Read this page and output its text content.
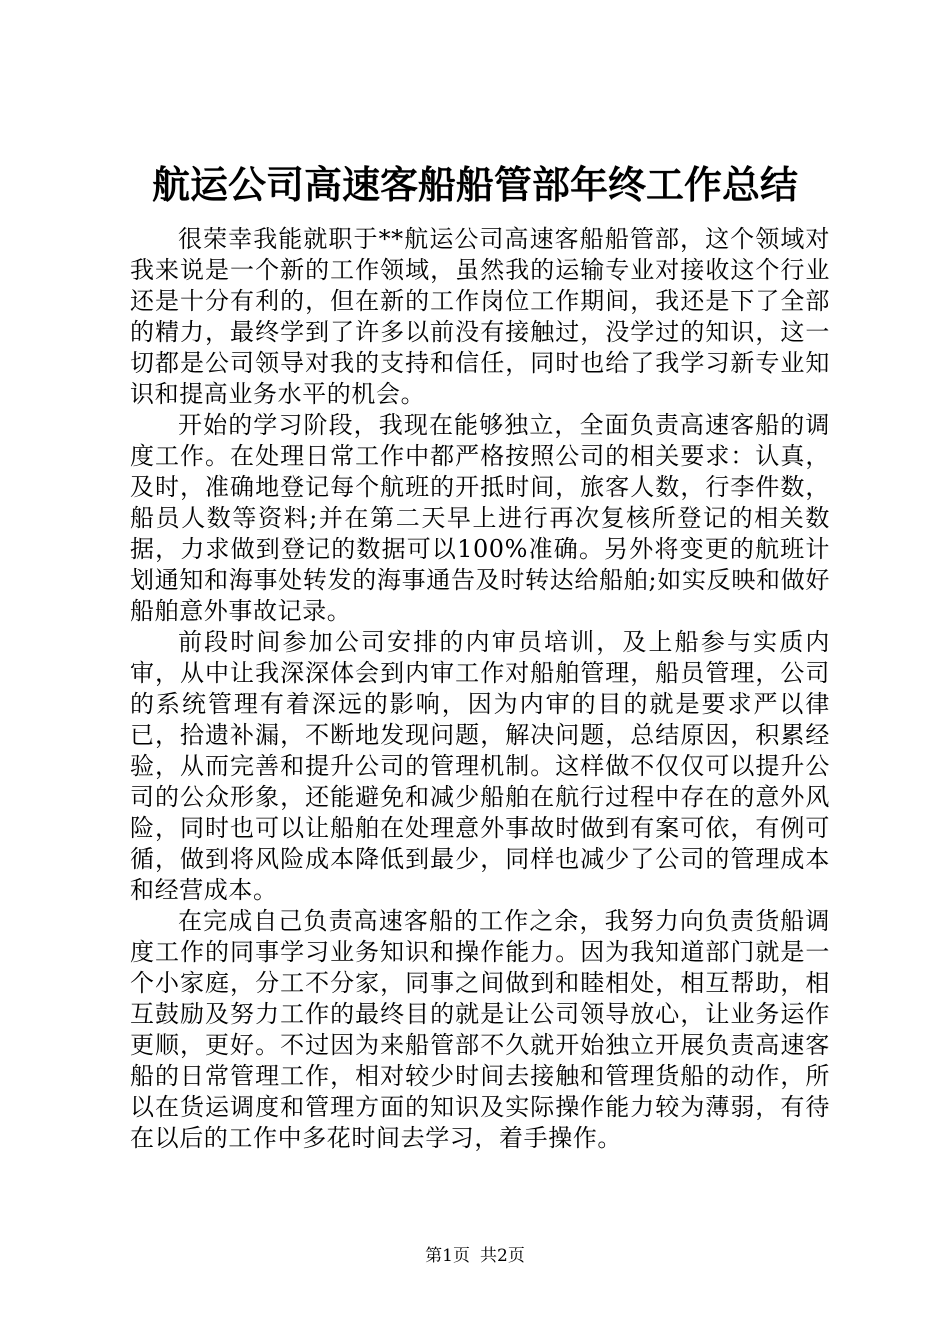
航运公司高速客船船管部年终工作总结

很荣幸我能就职于**航运公司高速客船船管部，这个领域对我来说是一个新的工作领域，虽然我的运输专业对接收这个行业还是十分有利的，但在新的工作岗位工作期间，我还是下了全部的精力，最终学到了许多以前没有接触过，没学过的知识，这一切都是公司领导对我的支持和信任，同时也给了我学习新专业知识和提高业务水平的机会。

开始的学习阶段，我现在能够独立，全面负责高速客船的调度工作。在处理日常工作中都严格按照公司的相关要求：认真，及时，准确地登记每个航班的开抵时间，旅客人数，行李件数，船员人数等资料;并在第二天早上进行再次复核所登记的相关数据，力求做到登记的数据可以100%准确。另外将变更的航班计划通知和海事处转发的海事通告及时转达给船舶;如实反映和做好船舶意外事故记录。

前段时间参加公司安排的内审员培训，及上船参与实质内审，从中让我深深体会到内审工作对船舶管理，船员管理，公司的系统管理有着深远的影响，因为内审的目的就是要求严以律已，拾遗补漏，不断地发现问题，解决问题，总结原因，积累经验，从而完善和提升公司的管理机制。这样做不仅仅可以提升公司的公众形象，还能避免和减少船舶在航行过程中存在的意外风险，同时也可以让船舶在处理意外事故时做到有案可依，有例可循，做到将风险成本降低到最少，同样也减少了公司的管理成本和经营成本。

在完成自己负责高速客船的工作之余，我努力向负责货船调度工作的同事学习业务知识和操作能力。因为我知道部门就是一个小家庭，分工不分家，同事之间做到和睦相处，相互帮助，相互鼓励及努力工作的最终目的就是让公司领导放心，让业务运作更顺，更好。不过因为来船管部不久就开始独立开展负责高速客船的日常管理工作，相对较少时间去接触和管理货船的动作，所以在货运调度和管理方面的知识及实际操作能力较为薄弱，有待在以后的工作中多花时间去学习，着手操作。

第1页 共2页
